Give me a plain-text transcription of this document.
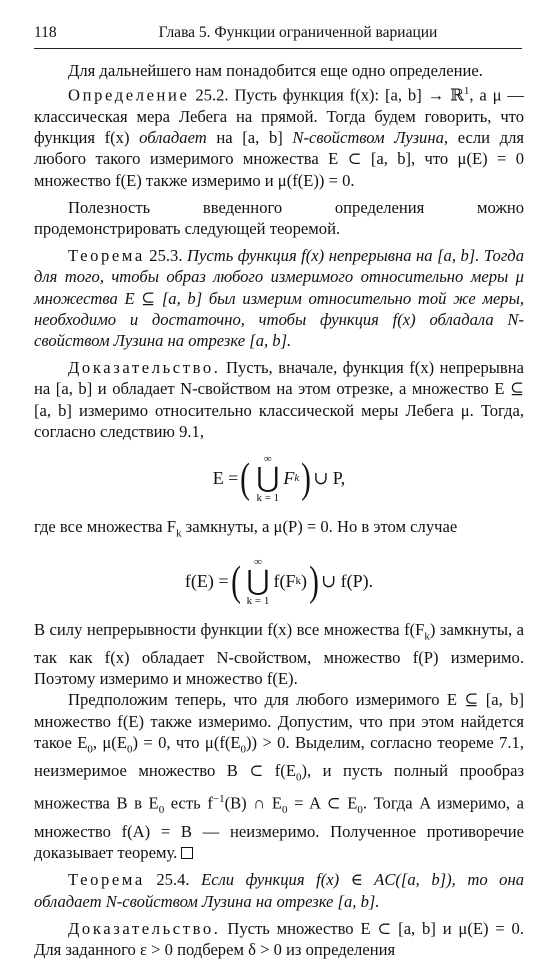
118	Глава 5. Функции ограниченной вариации

Для дальнейшего нам понадобится еще одно определение.

Определение 25.2. Пусть функция f(x): [a, b] → ℝ$^1$, а μ — классическая мера Лебега на прямой. Тогда будем говорить, что функция f(x) обладает на [a, b] N-свойством Лузина, если для любого такого измеримого множества E ⊂ [a, b], что μ(E) = 0 множество f(E) также измеримо и μ(f(E)) = 0.

Полезность введенного определения можно продемонстрировать следующей теоремой.

Теорема 25.3. Пусть функция f(x) непрерывна на [a, b]. Тогда для того, чтобы образ любого измеримого относительно меры μ множества E ⊆ [a, b] был измерим относительно той же меры, необходимо и достаточно, чтобы функция f(x) обладала N-свойством Лузина на отрезке [a, b].

Доказательство. Пусть, вначале, функция f(x) непрерывна на [a, b] и обладает N-свойством на этом отрезке, а множество E ⊆ [a, b] измеримо относительно классической меры Лебега μ. Тогда, согласно следствию 9.1,

E = ( ∞
⋃
k = 1
F k ) ∪ P,

где все множества $F_k$ замкнуты, а μ(P) = 0. Но в этом случае

f(E) = ( ∞
⋃
k = 1
f(F k ) ) ∪ f(P).

В силу непрерывности функции f(x) все множества $f(F_k)$ замкнуты, а так как f(x) обладает N-свойством, множество f(P) измеримо. Поэтому измеримо и множество f(E).

Предположим теперь, что для любого измеримого E ⊆ [a, b] множество f(E) также измеримо. Допустим, что при этом найдется такое $E_0$, $\mu(E_0) = 0$, что $\mu(f(E_0)) > 0$. Выделим, согласно теореме 7.1, неизмеримое множество B ⊂ $f(E_0)$, и пусть полный прообраз множества B в $E_0$ есть $f^{-1}(B)$ ∩ $E_0 = A$ ⊂ $E_0$. Тогда A измеримо, а множество f(A) = B — неизмеримо. Полученное противоречие доказывает теорему.

Теорема 25.4. Если функция f(x) ∈ AC([a, b]), то она обладает N-свойством Лузина на отрезке [a, b].

Доказательство. Пусть множество E ⊂ [a, b] и μ(E) = 0. Для заданного ε > 0 подберем δ > 0 из определения
